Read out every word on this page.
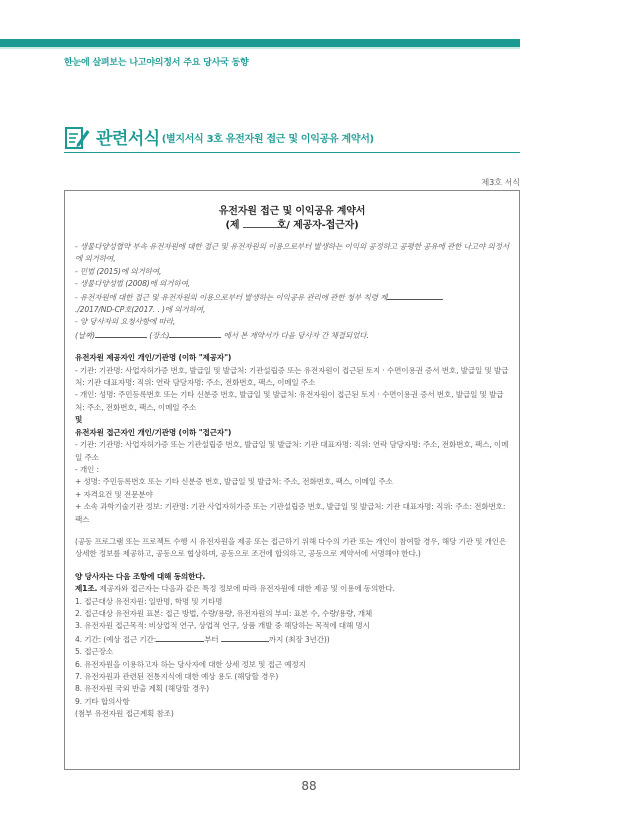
한눈에 살펴보는 나고야의정서 주요 당사국 동향
관련서식 (별지서식 3호 유전자원 접근 및 이익공유 계약서)
제3호 서식
유전자원 접근 및 이익공유 계약서
(제	호/ 제공자-접근자)

- 생물다양성협약 부속 유전자원에 대한 접근 및 유전자원의 이용으로부터 발생하는 이익의 공정하고 공평한 공유에 관한 나고야 의정서에 의거하여,

- 민법 (2015)에 의거하여,

- 생물다양성법 (2008)에 의거하여,

- 유전자원에 대한 접근 및 유전자원의 이용으로부터 발생하는 이익공유 관리에 관한 청부 칙령 제

./2017/ND-CP호(2017. . )에 의거하여,

- 양 당사자의 요청사항에 따라,

(날짜)	(장소)	에서 본 계약서가 다음 당사자 간 체결되었다.

유전자원 제공자인 개인/기관명 (이하 "제공자")

- 기관: 기관명: 사업자허가증 번호, 발급일 및 발급처: 기관설립증 또는 유전자원이 접근된 토지 · 수면이용권 증서 번호, 발급일 및 발급처: 기관 대표자명: 직위: 연락 담당자명: 주소, 전화번호, 팩스, 이메일 주소

- 개인: 성명: 주민등록번호 또는 기타 신분증 번호, 발급일 및 발급처: 유전자원이 접근된 토지 · 수면이용권 증서 번호, 발급일 및 발급처: 주소, 전화번호, 팩스, 이메일 주소

및

유전자원 접근자인 개인/기관명 (이하 "접근자")

- 기관: 기관명: 사업자허가증 또는 기관설립증 번호, 발급일 및 발급처: 기관 대표자명: 직위: 연락 담당자명: 주소, 전화번호, 팩스, 이메일 주소

- 개인 :

+ 성명: 주민등록번호 또는 기타 신분증 번호, 발급일 및 발급처: 주소, 전화번호, 팩스, 이메일 주소

+ 자격요건 및 전문분야

+ 소속 과학기술기관 정보: 기관명: 기관 사업자허가증 또는 기관설립증 번호, 발급일 및 발급처: 기관 대표자명: 직위: 주소: 전화번호: 팩스

(공동 프로그램 또는 프로젝트 수행 시 유전자원을 제공 또는 접근하기 위해 다수의 기관 또는 개인이 참여할 경우, 해당 기관 및 개인은 상세한 정보를 제공하고, 공동으로 협상하며, 공동으로 조건에 합의하고, 공동으로 계약서에 서명해야 한다.)

양 당사자는 다음 조항에 대해 동의한다.

제1조. 제공자와 접근자는 다음과 같은 특정 정보에 따라 유전자원에 대한 제공 및 이용에 동의한다.

1. 접근대상 유전자원: 일반명, 학명 및 기타명

2. 접근대상 유전자원 표본: 접근 방법, 수량/용량, 유전자원의 부피: 표본 수, 수량/용량, 개체

3. 유전자원 접근목적: 비상업적 연구, 상업적 연구, 상품 개발 중 해당하는 목적에 대해 명시

4. 기간: (예상 접근 기간:	부터	까지 (최장 3년간))

5. 접근장소

6. 유전자원을 이용하고자 하는 당사자에 대한 상세 정보 및 접근 예정지

7. 유전자원과 관련된 전통지식에 대한 예상 용도 (해당할 경우)

8. 유전자원 국외 반출 계획 (해당할 경우)

9. 기타 합의사항

(첨부 유전자원 접근계획 참조)

88
